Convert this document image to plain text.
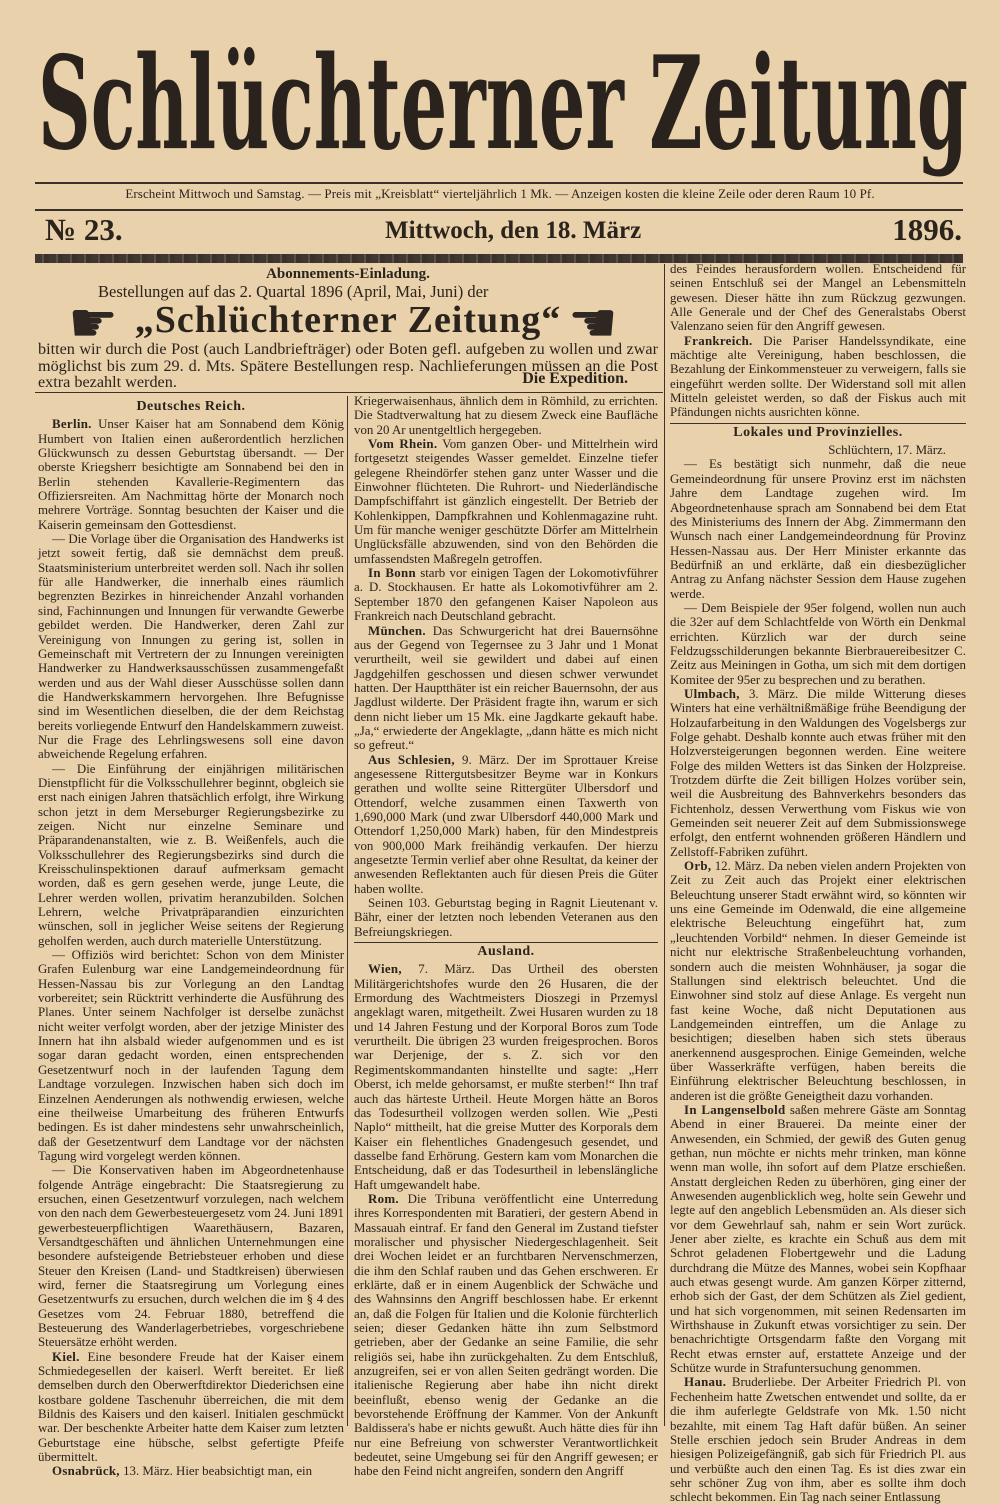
Schlüchterner Zeitung
Erscheint Mittwoch und Samstag. — Preis mit „Kreisblatt“ vierteljährlich 1 Mk. — Anzeigen kosten die kleine Zeile oder deren Raum 10 Pf.
№ 23.	Mittwoch, den 18. März	1896.
Abonnements-Einladung.
Bestellungen auf das 2. Quartal 1896 (April, Mai, Juni) der
☛ „Schlüchterner Zeitung“ ☚
bitten wir durch die Post (auch Landbriefträger) oder Boten gefl. aufgeben zu wollen und zwar möglichst bis zum 29. d. Mts. Spätere Bestellungen resp. Nachlieferungen müssen an die Post extra bezahlt werden.	Die Expedition.
Deutsches Reich.

Berlin. Unser Kaiser hat am Sonnabend dem König Humbert von Italien einen außerordentlich herzlichen Glückwunsch zu dessen Geburtstag übersandt. — Der oberste Kriegsherr besichtigte am Sonnabend bei den in Berlin stehenden Kavallerie-Regimentern das Offiziersreiten. Am Nachmittag hörte der Monarch noch mehrere Vorträge. Sonntag besuchten der Kaiser und die Kaiserin gemeinsam den Gottesdienst.

— Die Vorlage über die Organisation des Handwerks ist jetzt soweit fertig, daß sie demnächst dem preuß. Staatsministerium unterbreitet werden soll. Nach ihr sollen für alle Handwerker, die innerhalb eines räumlich begrenzten Bezirkes in hinreichender Anzahl vorhanden sind, Fachinnungen und Innungen für verwandte Gewerbe gebildet werden. Die Handwerker, deren Zahl zur Vereinigung von Innungen zu gering ist, sollen in Gemeinschaft mit Vertretern der zu Innungen vereinigten Handwerker zu Handwerksausschüssen zusammengefaßt werden und aus der Wahl dieser Ausschüsse sollen dann die Handwerkskammern hervorgehen. Ihre Befugnisse sind im Wesentlichen dieselben, die der dem Reichstag bereits vorliegende Entwurf den Handelskammern zuweist. Nur die Frage des Lehrlingswesens soll eine davon abweichende Regelung erfahren.

— Die Einführung der einjährigen militärischen Dienstpflicht für die Volksschullehrer beginnt, obgleich sie erst nach einigen Jahren thatsächlich erfolgt, ihre Wirkung schon jetzt in dem Merseburger Regierungsbezirke zu zeigen. Nicht nur einzelne Seminare und Präparandenanstalten, wie z. B. Weißenfels, auch die Volksschullehrer des Regierungsbezirks sind durch die Kreisschulinspektionen darauf aufmerksam gemacht worden, daß es gern gesehen werde, junge Leute, die Lehrer werden wollen, privatim heranzubilden. Solchen Lehrern, welche Privatpräparandien einzurichten wünschen, soll in jeglicher Weise seitens der Regierung geholfen werden, auch durch materielle Unterstützung.

— Offiziös wird berichtet: Schon von dem Minister Grafen Eulenburg war eine Landgemeindeordnung für Hessen-Nassau bis zur Vorlegung an den Landtag vorbereitet; sein Rücktritt verhinderte die Ausführung des Planes. Unter seinem Nachfolger ist derselbe zunächst nicht weiter verfolgt worden, aber der jetzige Minister des Innern hat ihn alsbald wieder aufgenommen und es ist sogar daran gedacht worden, einen entsprechenden Gesetzentwurf noch in der laufenden Tagung dem Landtage vorzulegen. Inzwischen haben sich doch im Einzelnen Aenderungen als nothwendig erwiesen, welche eine theilweise Umarbeitung des früheren Entwurfs bedingen. Es ist daher mindestens sehr unwahrscheinlich, daß der Gesetzentwurf dem Landtage vor der nächsten Tagung wird vorgelegt werden können.

— Die Konservativen haben im Abgeordnetenhause folgende Anträge eingebracht: Die Staatsregierung zu ersuchen, einen Gesetzentwurf vorzulegen, nach welchem von den nach dem Gewerbesteuergesetz vom 24. Juni 1891 gewerbesteuerpflichtigen Waarethäusern, Bazaren, Versandtgeschäften und ähnlichen Unternehmungen eine besondere aufsteigende Betriebsteuer erhoben und diese Steuer den Kreisen (Land- und Stadtkreisen) überwiesen wird, ferner die Staatsregirung um Vorlegung eines Gesetzentwurfs zu ersuchen, durch welchen die im § 4 des Gesetzes vom 24. Februar 1880, betreffend die Besteuerung des Wanderlagerbetriebes, vorgeschriebene Steuersätze erhöht werden.

Kiel. Eine besondere Freude hat der Kaiser einem Schmiedegesellen der kaiserl. Werft bereitet. Er ließ demselben durch den Oberwerftdirektor Diederichsen eine kostbare goldene Taschenuhr überreichen, die mit dem Bildnis des Kaisers und den kaiserl. Initialen geschmückt war. Der beschenkte Arbeiter hatte dem Kaiser zum letzten Geburtstage eine hübsche, selbst gefertigte Pfeife übermittelt.

Osnabrück, 13. März. Hier beabsichtigt man, ein

Kriegerwaisenhaus, ähnlich dem in Römhild, zu errichten. Die Stadtverwaltung hat zu diesem Zweck eine Baufläche von 20 Ar unentgeltlich hergegeben.

Vom Rhein. Vom ganzen Ober- und Mittelrhein wird fortgesetzt steigendes Wasser gemeldet. Einzelne tiefer gelegene Rheindörfer stehen ganz unter Wasser und die Einwohner flüchteten. Die Ruhrort- und Niederländische Dampfschiffahrt ist gänzlich eingestellt. Der Betrieb der Kohlenkippen, Dampfkrahnen und Kohlenmagazine ruht. Um für manche weniger geschützte Dörfer am Mittelrhein Unglücksfälle abzuwenden, sind von den Behörden die umfassendsten Maßregeln getroffen.

In Bonn starb vor einigen Tagen der Lokomotivführer a. D. Stockhausen. Er hatte als Lokomotivführer am 2. September 1870 den gefangenen Kaiser Napoleon aus Frankreich nach Deutschland gebracht.

München. Das Schwurgericht hat drei Bauernsöhne aus der Gegend von Tegernsee zu 3 Jahr und 1 Monat verurtheilt, weil sie gewildert und dabei auf einen Jagdgehilfen geschossen und diesen schwer verwundet hatten. Der Hauptthäter ist ein reicher Bauernsohn, der aus Jagdlust wilderte. Der Präsident fragte ihn, warum er sich denn nicht lieber um 15 Mk. eine Jagdkarte gekauft habe. „Ja,“ erwiederte der Angeklagte, „dann hätte es mich nicht so gefreut.“

Aus Schlesien, 9. März. Der im Sprottauer Kreise angesessene Rittergutsbesitzer Beyme war in Konkurs gerathen und wollte seine Rittergüter Ulbersdorf und Ottendorf, welche zusammen einen Taxwerth von 1,690,000 Mark (und zwar Ulbersdorf 440,000 Mark und Ottendorf 1,250,000 Mark) haben, für den Mindestpreis von 900,000 Mark freihändig verkaufen. Der hierzu angesetzte Termin verlief aber ohne Resultat, da keiner der anwesenden Reflektanten auch für diesen Preis die Güter haben wollte.

Seinen 103. Geburtstag beging in Ragnit Lieutenant v. Bähr, einer der letzten noch lebenden Veteranen aus den Befreiungskriegen.

Ausland.

Wien, 7. März. Das Urtheil des obersten Militärgerichtshofes wurde den 26 Husaren, die der Ermordung des Wachtmeisters Dioszegi in Przemysl angeklagt waren, mitgetheilt. Zwei Husaren wurden zu 18 und 14 Jahren Festung und der Korporal Boros zum Tode verurtheilt. Die übrigen 23 wurden freigesprochen. Boros war Derjenige, der s. Z. sich vor den Regimentskommandanten hinstellte und sagte: „Herr Oberst, ich melde gehorsamst, er mußte sterben!“ Ihn traf auch das härteste Urtheil. Heute Morgen hätte an Boros das Todesurtheil vollzogen werden sollen. Wie „Pesti Naplo“ mittheilt, hat die greise Mutter des Korporals dem Kaiser ein flehentliches Gnadengesuch gesendet, und dasselbe fand Erhörung. Gestern kam vom Monarchen die Entscheidung, daß er das Todesurtheil in lebenslängliche Haft umgewandelt habe.

Rom. Die Tribuna veröffentlicht eine Unterredung ihres Korrespondenten mit Baratieri, der gestern Abend in Massauah eintraf. Er fand den General im Zustand tiefster moralischer und physischer Niedergeschlagenheit. Seit drei Wochen leidet er an furchtbaren Nervenschmerzen, die ihm den Schlaf rauben und das Gehen erschweren. Er erklärte, daß er in einem Augenblick der Schwäche und des Wahnsinns den Angriff beschlossen habe. Er erkennt an, daß die Folgen für Italien und die Kolonie fürchterlich seien; dieser Gedanken hätte ihn zum Selbstmord getrieben, aber der Gedanke an seine Familie, die sehr religiös sei, habe ihn zurückgehalten. Zu dem Entschluß, anzugreifen, sei er von allen Seiten gedrängt worden. Die italienische Regierung aber habe ihn nicht direkt beeinflußt, ebenso wenig der Gedanke an die bevorstehende Eröffnung der Kammer. Von der Ankunft Baldissera's habe er nichts gewußt. Auch hätte dies für ihn nur eine Befreiung von schwerster Verantwortlichkeit bedeutet, seine Umgebung sei für den Angriff gewesen; er habe den Feind nicht angreifen, sondern den Angriff

des Feindes herausfordern wollen. Entscheidend für seinen Entschluß sei der Mangel an Lebensmitteln gewesen. Dieser hätte ihn zum Rückzug gezwungen. Alle Generale und der Chef des Generalstabs Oberst Valenzano seien für den Angriff gewesen.

Frankreich. Die Pariser Handelssyndikate, eine mächtige alte Vereinigung, haben beschlossen, die Bezahlung der Einkommensteuer zu verweigern, falls sie eingeführt werden sollte. Der Widerstand soll mit allen Mitteln geleistet werden, so daß der Fiskus auch mit Pfändungen nichts ausrichten könne.

Lokales und Provinzielles.
Schlüchtern, 17. März.

— Es bestätigt sich nunmehr, daß die neue Gemeindeordnung für unsere Provinz erst im nächsten Jahre dem Landtage zugehen wird. Im Abgeordnetenhause sprach am Sonnabend bei dem Etat des Ministeriums des Innern der Abg. Zimmermann den Wunsch nach einer Landgemeindeordnung für Provinz Hessen-Nassau aus. Der Herr Minister erkannte das Bedürfniß an und erklärte, daß ein diesbezüglicher Antrag zu Anfang nächster Session dem Hause zugehen werde.

— Dem Beispiele der 95er folgend, wollen nun auch die 32er auf dem Schlachtfelde von Wörth ein Denkmal errichten. Kürzlich war der durch seine Feldzugsschilderungen bekannte Bierbrauereibesitzer C. Zeitz aus Meiningen in Gotha, um sich mit dem dortigen Komitee der 95er zu besprechen und zu berathen.

Ulmbach, 3. März. Die milde Witterung dieses Winters hat eine verhältnißmäßige frühe Beendigung der Holzaufarbeitung in den Waldungen des Vogelsbergs zur Folge gehabt. Deshalb konnte auch etwas früher mit den Holzversteigerungen begonnen werden. Eine weitere Folge des milden Wetters ist das Sinken der Holzpreise. Trotzdem dürfte die Zeit billigen Holzes vorüber sein, weil die Ausbreitung des Bahnverkehrs besonders das Fichtenholz, dessen Verwerthung vom Fiskus wie von Gemeinden seit neuerer Zeit auf dem Submissionswege erfolgt, den entfernt wohnenden größeren Händlern und Zellstoff-Fabriken zuführt.

Orb, 12. März. Da neben vielen andern Projekten von Zeit zu Zeit auch das Projekt einer elektrischen Beleuchtung unserer Stadt erwähnt wird, so könnten wir uns eine Gemeinde im Odenwald, die eine allgemeine elektrische Beleuchtung eingeführt hat, zum „leuchtenden Vorbild“ nehmen. In dieser Gemeinde ist nicht nur elektrische Straßenbeleuchtung vorhanden, sondern auch die meisten Wohnhäuser, ja sogar die Stallungen sind elektrisch beleuchtet. Und die Einwohner sind stolz auf diese Anlage. Es vergeht nun fast keine Woche, daß nicht Deputationen aus Landgemeinden eintreffen, um die Anlage zu besichtigen; dieselben haben sich stets überaus anerkennend ausgesprochen. Einige Gemeinden, welche über Wasserkräfte verfügen, haben bereits die Einführung elektrischer Beleuchtung beschlossen, in anderen ist die größte Geneigtheit dazu vorhanden.

In Langenselbold saßen mehrere Gäste am Sonntag Abend in einer Brauerei. Da meinte einer der Anwesenden, ein Schmied, der gewiß des Guten genug gethan, nun möchte er nichts mehr trinken, man könne wenn man wolle, ihn sofort auf dem Platze erschießen. Anstatt dergleichen Reden zu überhören, ging einer der Anwesenden augenblicklich weg, holte sein Gewehr und legte auf den angeblich Lebensmüden an. Als dieser sich vor dem Gewehrlauf sah, nahm er sein Wort zurück. Jener aber zielte, es krachte ein Schuß aus dem mit Schrot geladenen Flobertgewehr und die Ladung durchdrang die Mütze des Mannes, wobei sein Kopfhaar auch etwas gesengt wurde. Am ganzen Körper zitternd, erhob sich der Gast, der dem Schützen als Ziel gedient, und hat sich vorgenommen, mit seinen Redensarten im Wirthshause in Zukunft etwas vorsichtiger zu sein. Der benachrichtigte Ortsgendarm faßte den Vorgang mit Recht etwas ernster auf, erstattete Anzeige und der Schütze wurde in Strafuntersuchung genommen.

Hanau. Bruderliebe. Der Arbeiter Friedrich Pl. von Fechenheim hatte Zwetschen entwendet und sollte, da er die ihm auferlegte Geldstrafe von Mk. 1.50 nicht bezahlte, mit einem Tag Haft dafür büßen. An seiner Stelle erschien jedoch sein Bruder Andreas in dem hiesigen Polizeigefängniß, gab sich für Friedrich Pl. aus und verbüßte auch den einen Tag. Es ist dies zwar ein sehr schöner Zug von ihm, aber es sollte ihm doch schlecht bekommen. Ein Tag nach seiner Entlassung
